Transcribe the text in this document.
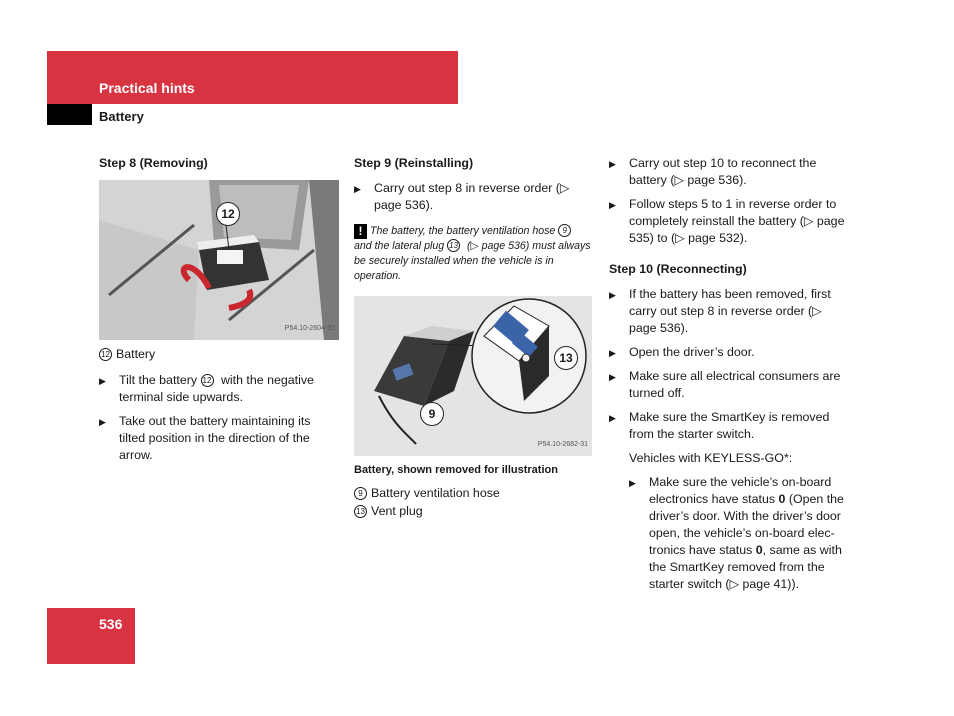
Practical hints
Battery
Step 8 (Removing)
12
P54.10-2604-31
12 Battery
▶ Tilt the battery 12 with the negative terminal side upwards.
▶ Take out the battery maintaining its tilted position in the direction of the arrow.
Step 9 (Reinstalling)
▶ Carry out step 8 in reverse order (▷ page 536).
! The battery, the battery ventilation hose 9 and the lateral plug 13 (▷ page 536) must always be securely installed when the vehicle is in operation.
9
13
P54.10-2682-31
Battery, shown removed for illustration
9 Battery ventilation hose
13 Vent plug
▶ Carry out step 10 to reconnect the battery (▷ page 536).
▶ Follow steps 5 to 1 in reverse order to completely reinstall the battery (▷ page 535) to (▷ page 532).
Step 10 (Reconnecting)
▶ If the battery has been removed, first carry out step 8 in reverse order (▷ page 536).
▶ Open the driver’s door.
▶ Make sure all electrical consumers are turned off.
▶ Make sure the SmartKey is removed from the starter switch.
Vehicles with KEYLESS-GO*:
▶ Make sure the vehicle’s on-board electronics have status 0 (Open the driver’s door. With the driver’s door open, the vehicle’s on-board elec-tronics have status 0, same as with the SmartKey removed from the starter switch (▷ page 41)).
536
